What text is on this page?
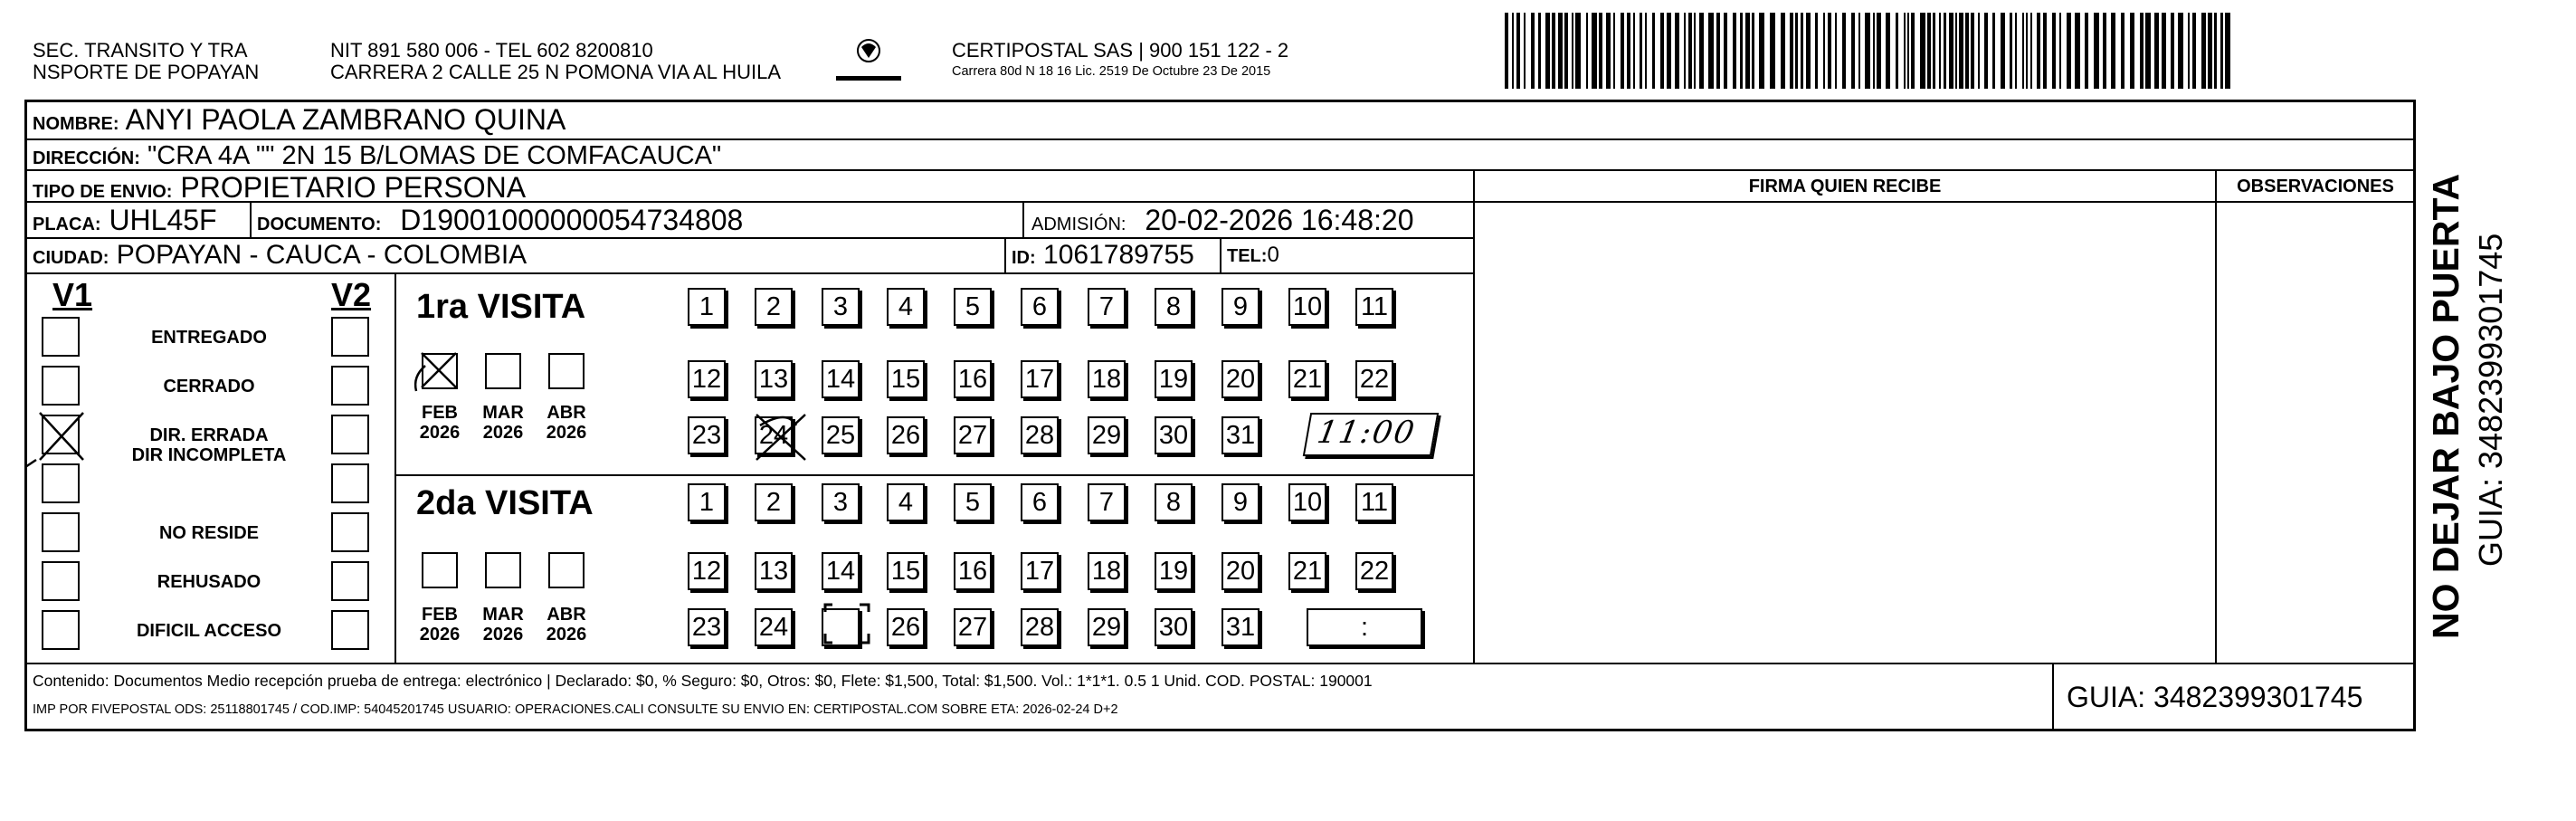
SEC. TRANSITO Y TRA
NSPORTE DE POPAYAN
NIT 891 580 006 - TEL 602 8200810
CARRERA 2 CALLE 25 N POMONA VIA AL HUILA
CERTIPOSTAL SAS | 900 151 122 - 2
Carrera 80d N 18 16 Lic. 2519 De Octubre 23 De 2015
NOMBRE: ANYI PAOLA ZAMBRANO QUINA
DIRECCIÓN: "CRA 4A "" 2N 15 B/LOMAS DE COMFACAUCA"
TIPO DE ENVIO: PROPIETARIO PERSONA
PLACA: UHL45F DOCUMENTO: D19001000000054734808	ADMISIÓN: 20-02-2026 16:48:20
CIUDAD: POPAYAN - CAUCA - COLOMBIA	ID: 1061789755 TEL:0
FIRMA QUIEN RECIBE	OBSERVACIONES
V1	V2
ENTREGADO
CERRADO
DIR. ERRADA
DIR INCOMPLETA
NO RESIDE
REHUSADO
DIFICIL ACCESO
1ra VISITA
2da VISITA
FEB
2026
MAR
2026
ABR
2026
FEB
2026
MAR
2026
ABR
2026
1	2	3	4	5	6	7	8	9	10 11
12 13 14 15 16 17 18 19 20 21 22
23 24 25 26 27 28 29 30 31
1	2	3	4	5	6	7	8	9	10 11
12 13 14 15 16 17 18 19 20 21 22
23 24	26 27 28 29 30 31
11:00
:
Contenido: Documentos Medio recepción prueba de entrega: electrónico | Declarado: $0, % Seguro: $0, Otros: $0, Flete: $1,500, Total: $1,500. Vol.: 1*1*1. 0.5 1 Unid. COD. POSTAL: 190001
IMP POR FIVEPOSTAL ODS: 25118801745 / COD.IMP: 54045201745 USUARIO: OPERACIONES.CALI CONSULTE SU ENVIO EN: CERTIPOSTAL.COM SOBRE ETA: 2026-02-24 D+2	GUIA: 3482399301745
NO DEJAR BAJO PUERTA GUIA: 3482399301745
